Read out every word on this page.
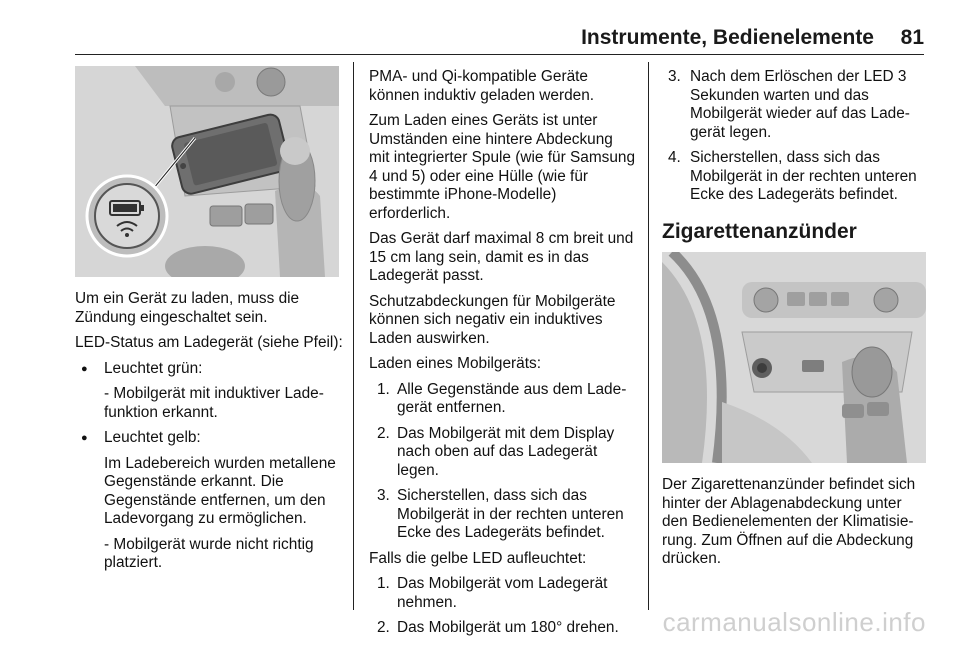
Instrumente, Bedienelemente 81

Um ein Gerät zu laden, muss die Zündung eingeschaltet sein.

LED-Status am Ladegerät (siehe Pfeil):

● Leuchtet grün:
- Mobilgerät mit induktiver Ladefunktion erkannt.
● Leuchtet gelb:
Im Ladebereich wurden metallene Gegenstände erkannt. Die Gegenstände entfernen, um den Ladevorgang zu ermöglichen.
- Mobilgerät wurde nicht richtig platziert.

PMA- und Qi-kompatible Geräte können induktiv geladen werden.

Zum Laden eines Geräts ist unter Umständen eine hintere Abdeckung mit integrierter Spule (wie für Samsung 4 und 5) oder eine Hülle (wie für bestimmte iPhone-Modelle) erforderlich.

Das Gerät darf maximal 8 cm breit und 15 cm lang sein, damit es in das Ladegerät passt.

Schutzabdeckungen für Mobilgeräte können sich negativ ein induktives Laden auswirken.

Laden eines Mobilgeräts:

1. Alle Gegenstände aus dem Ladegerät entfernen.
2. Das Mobilgerät mit dem Display nach oben auf das Ladegerät legen.
3. Sicherstellen, dass sich das Mobilgerät in der rechten unteren Ecke des Ladegeräts befindet.

Falls die gelbe LED aufleuchtet:

1. Das Mobilgerät vom Ladegerät nehmen.
2. Das Mobilgerät um 180° drehen.
3. Nach dem Erlöschen der LED 3 Sekunden warten und das Mobilgerät wieder auf das Ladegerät legen.
4. Sicherstellen, dass sich das Mobilgerät in der rechten unteren Ecke des Ladegeräts befindet.
Zigarettenanzünder

Der Zigarettenanzünder befindet sich hinter der Ablagenabdeckung unter den Bedienelementen der Klimatisierung. Zum Öffnen auf die Abdeckung drücken.

carmanualsonline.info
